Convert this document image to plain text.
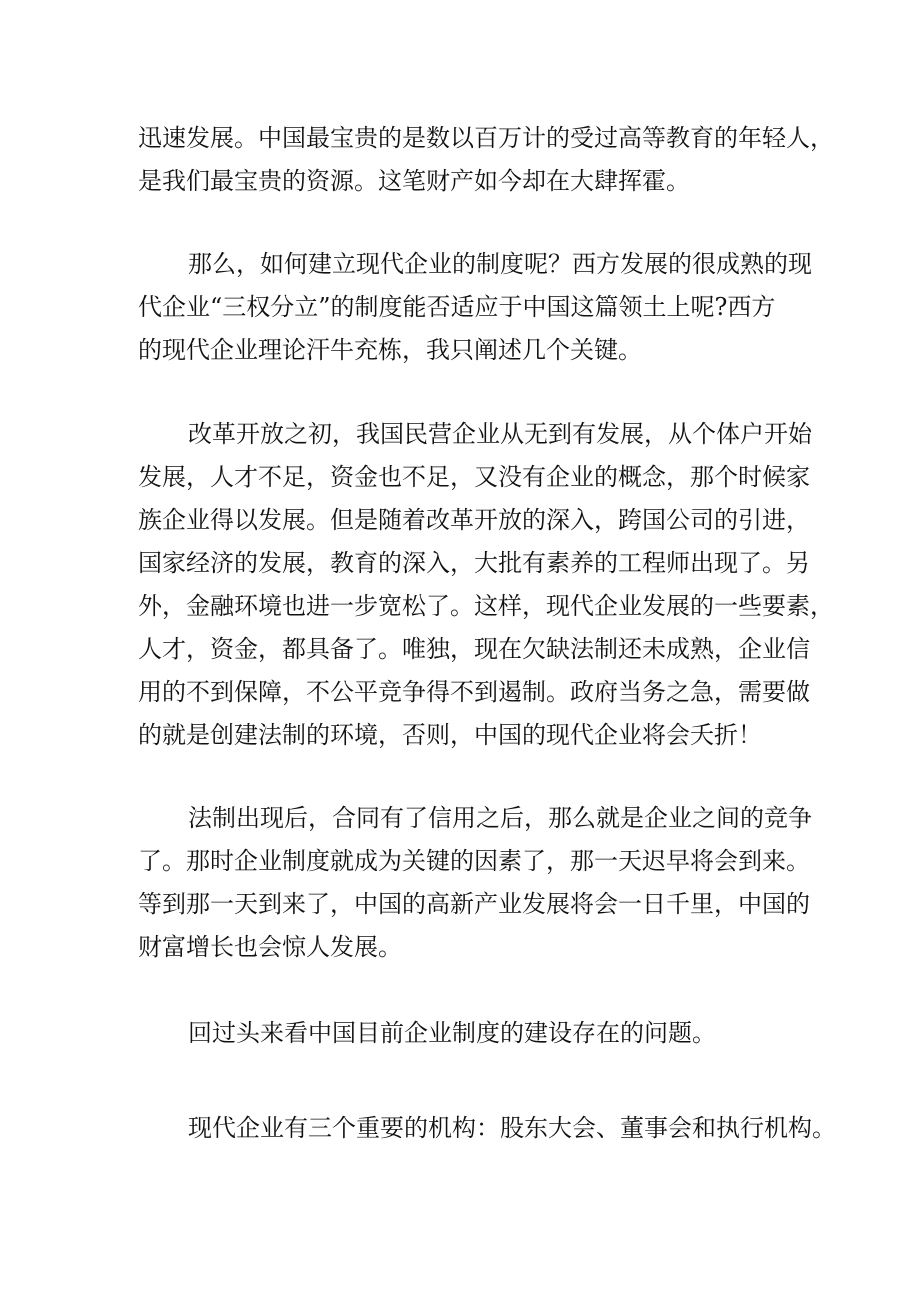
迅速发展。中国最宝贵的是数以百万计的受过高等教育的年轻人，
是我们最宝贵的资源。这笔财产如今却在大肆挥霍。

那么，如何建立现代企业的制度呢？西方发展的很成熟的现
代企业“三权分立”的制度能否适应于中国这篇领土上呢?西方
的现代企业理论汗牛充栋，我只阐述几个关键。

改革开放之初，我国民营企业从无到有发展，从个体户开始
发展，人才不足，资金也不足，又没有企业的概念，那个时候家
族企业得以发展。但是随着改革开放的深入，跨国公司的引进，
国家经济的发展，教育的深入，大批有素养的工程师出现了。另
外，金融环境也进一步宽松了。这样，现代企业发展的一些要素，
人才，资金，都具备了。唯独，现在欠缺法制还未成熟，企业信
用的不到保障，不公平竞争得不到遏制。政府当务之急，需要做
的就是创建法制的环境，否则，中国的现代企业将会夭折！

法制出现后，合同有了信用之后，那么就是企业之间的竞争
了。那时企业制度就成为关键的因素了，那一天迟早将会到来。
等到那一天到来了，中国的高新产业发展将会一日千里，中国的
财富增长也会惊人发展。

回过头来看中国目前企业制度的建设存在的问题。

现代企业有三个重要的机构：股东大会、董事会和执行机构。
